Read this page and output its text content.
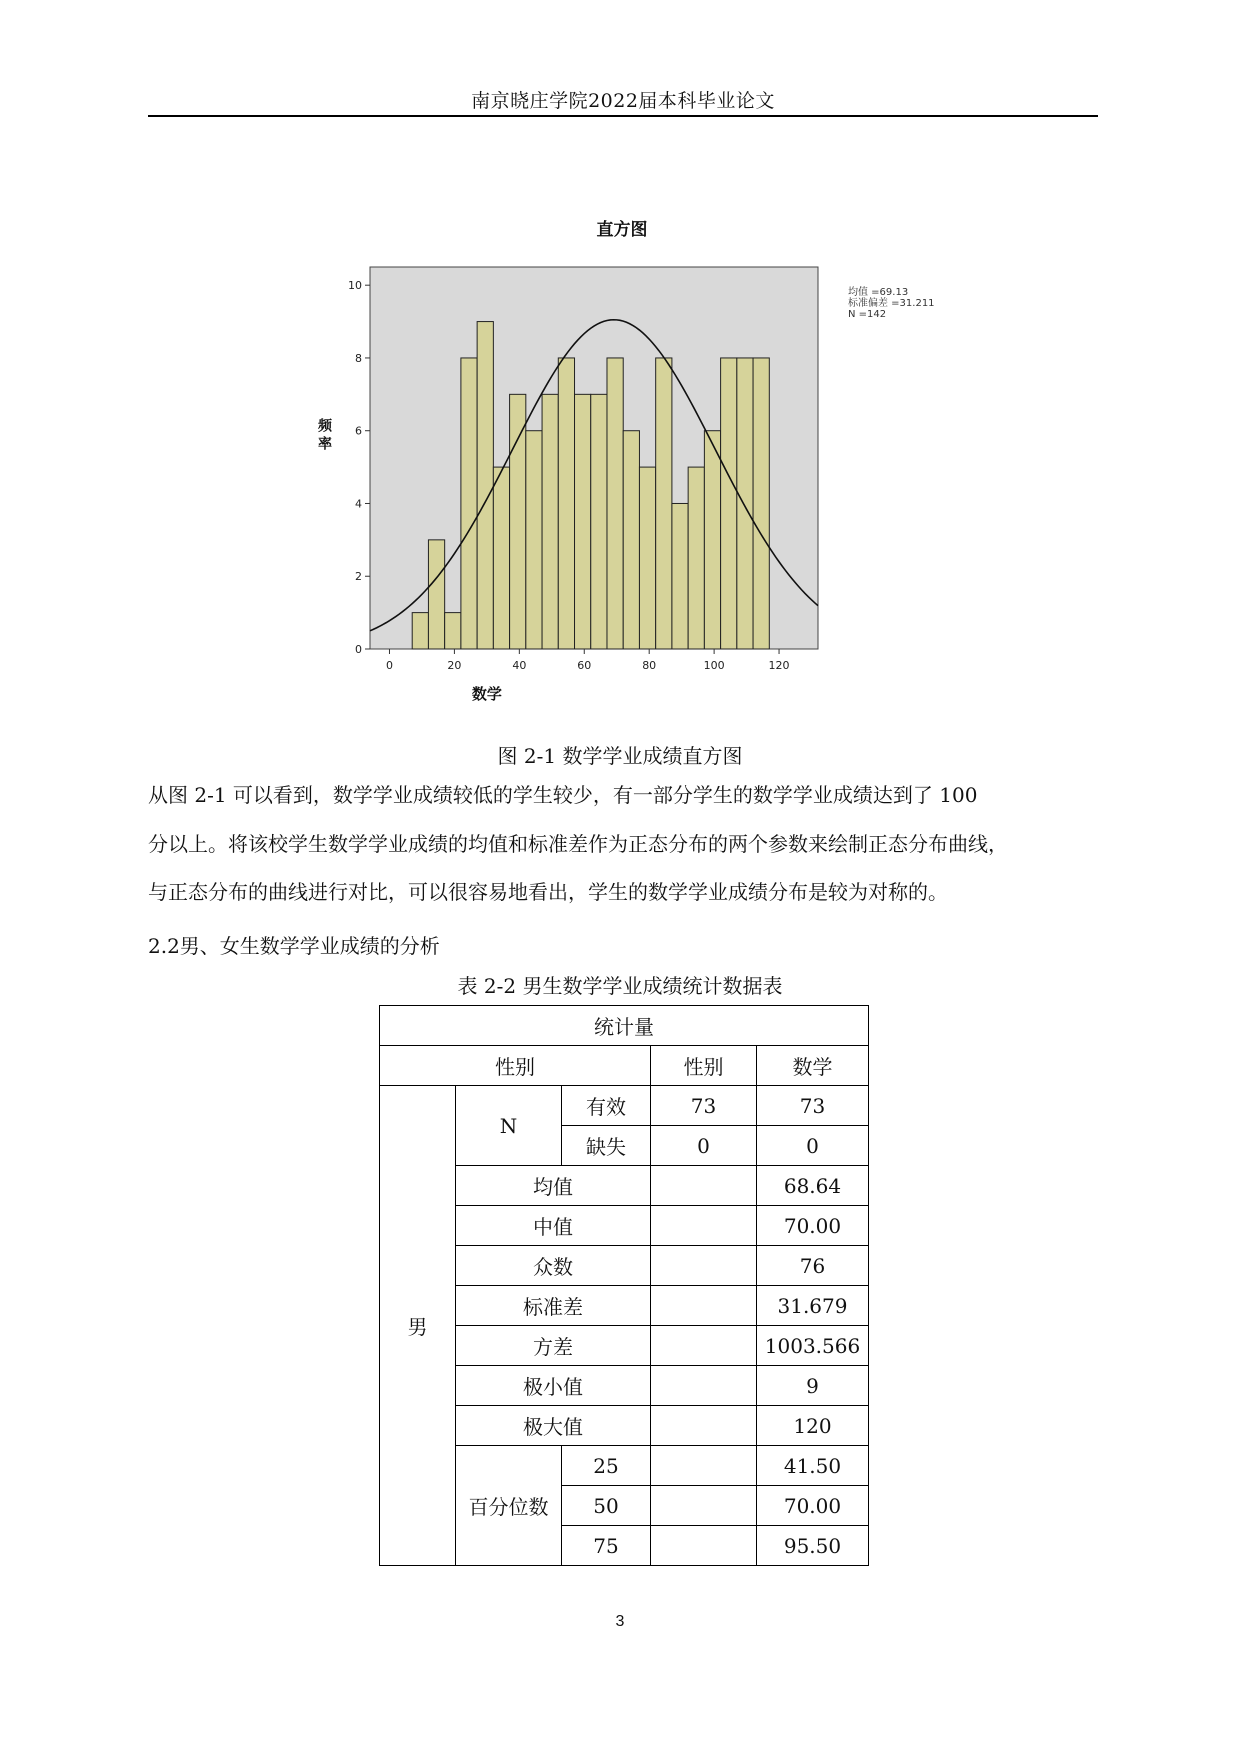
南京晓庄学院2022届本科毕业论文
直方图
0	20	40	60	80	100	120
0
2
4
6
8
10
数学
频
率
均值 =69.13
标准偏差 =31.211
N =142
图 2-1 数学学业成绩直方图
从图 2-1 可以看到，数学学业成绩较低的学生较少，有一部分学生的数学学业成绩达到了 100
分以上。将该校学生数学学业成绩的均值和标准差作为正态分布的两个参数来绘制正态分布曲线，
与正态分布的曲线进行对比，可以很容易地看出，学生的数学学业成绩分布是较为对称的。
2.2男、女生数学学业成绩的分析
表 2-2 男生数学学业成绩统计数据表
统计量				
性别			性别	数学
男	N	有效	73	73
		缺失	0	0
	均值			68.64
	中值			70.00
	众数			76
	标准差			31.679
	方差			1003.566
	极小值			9
	极大值			120
	百分位数	25		41.50
		50		70.00
		75		95.50
3
